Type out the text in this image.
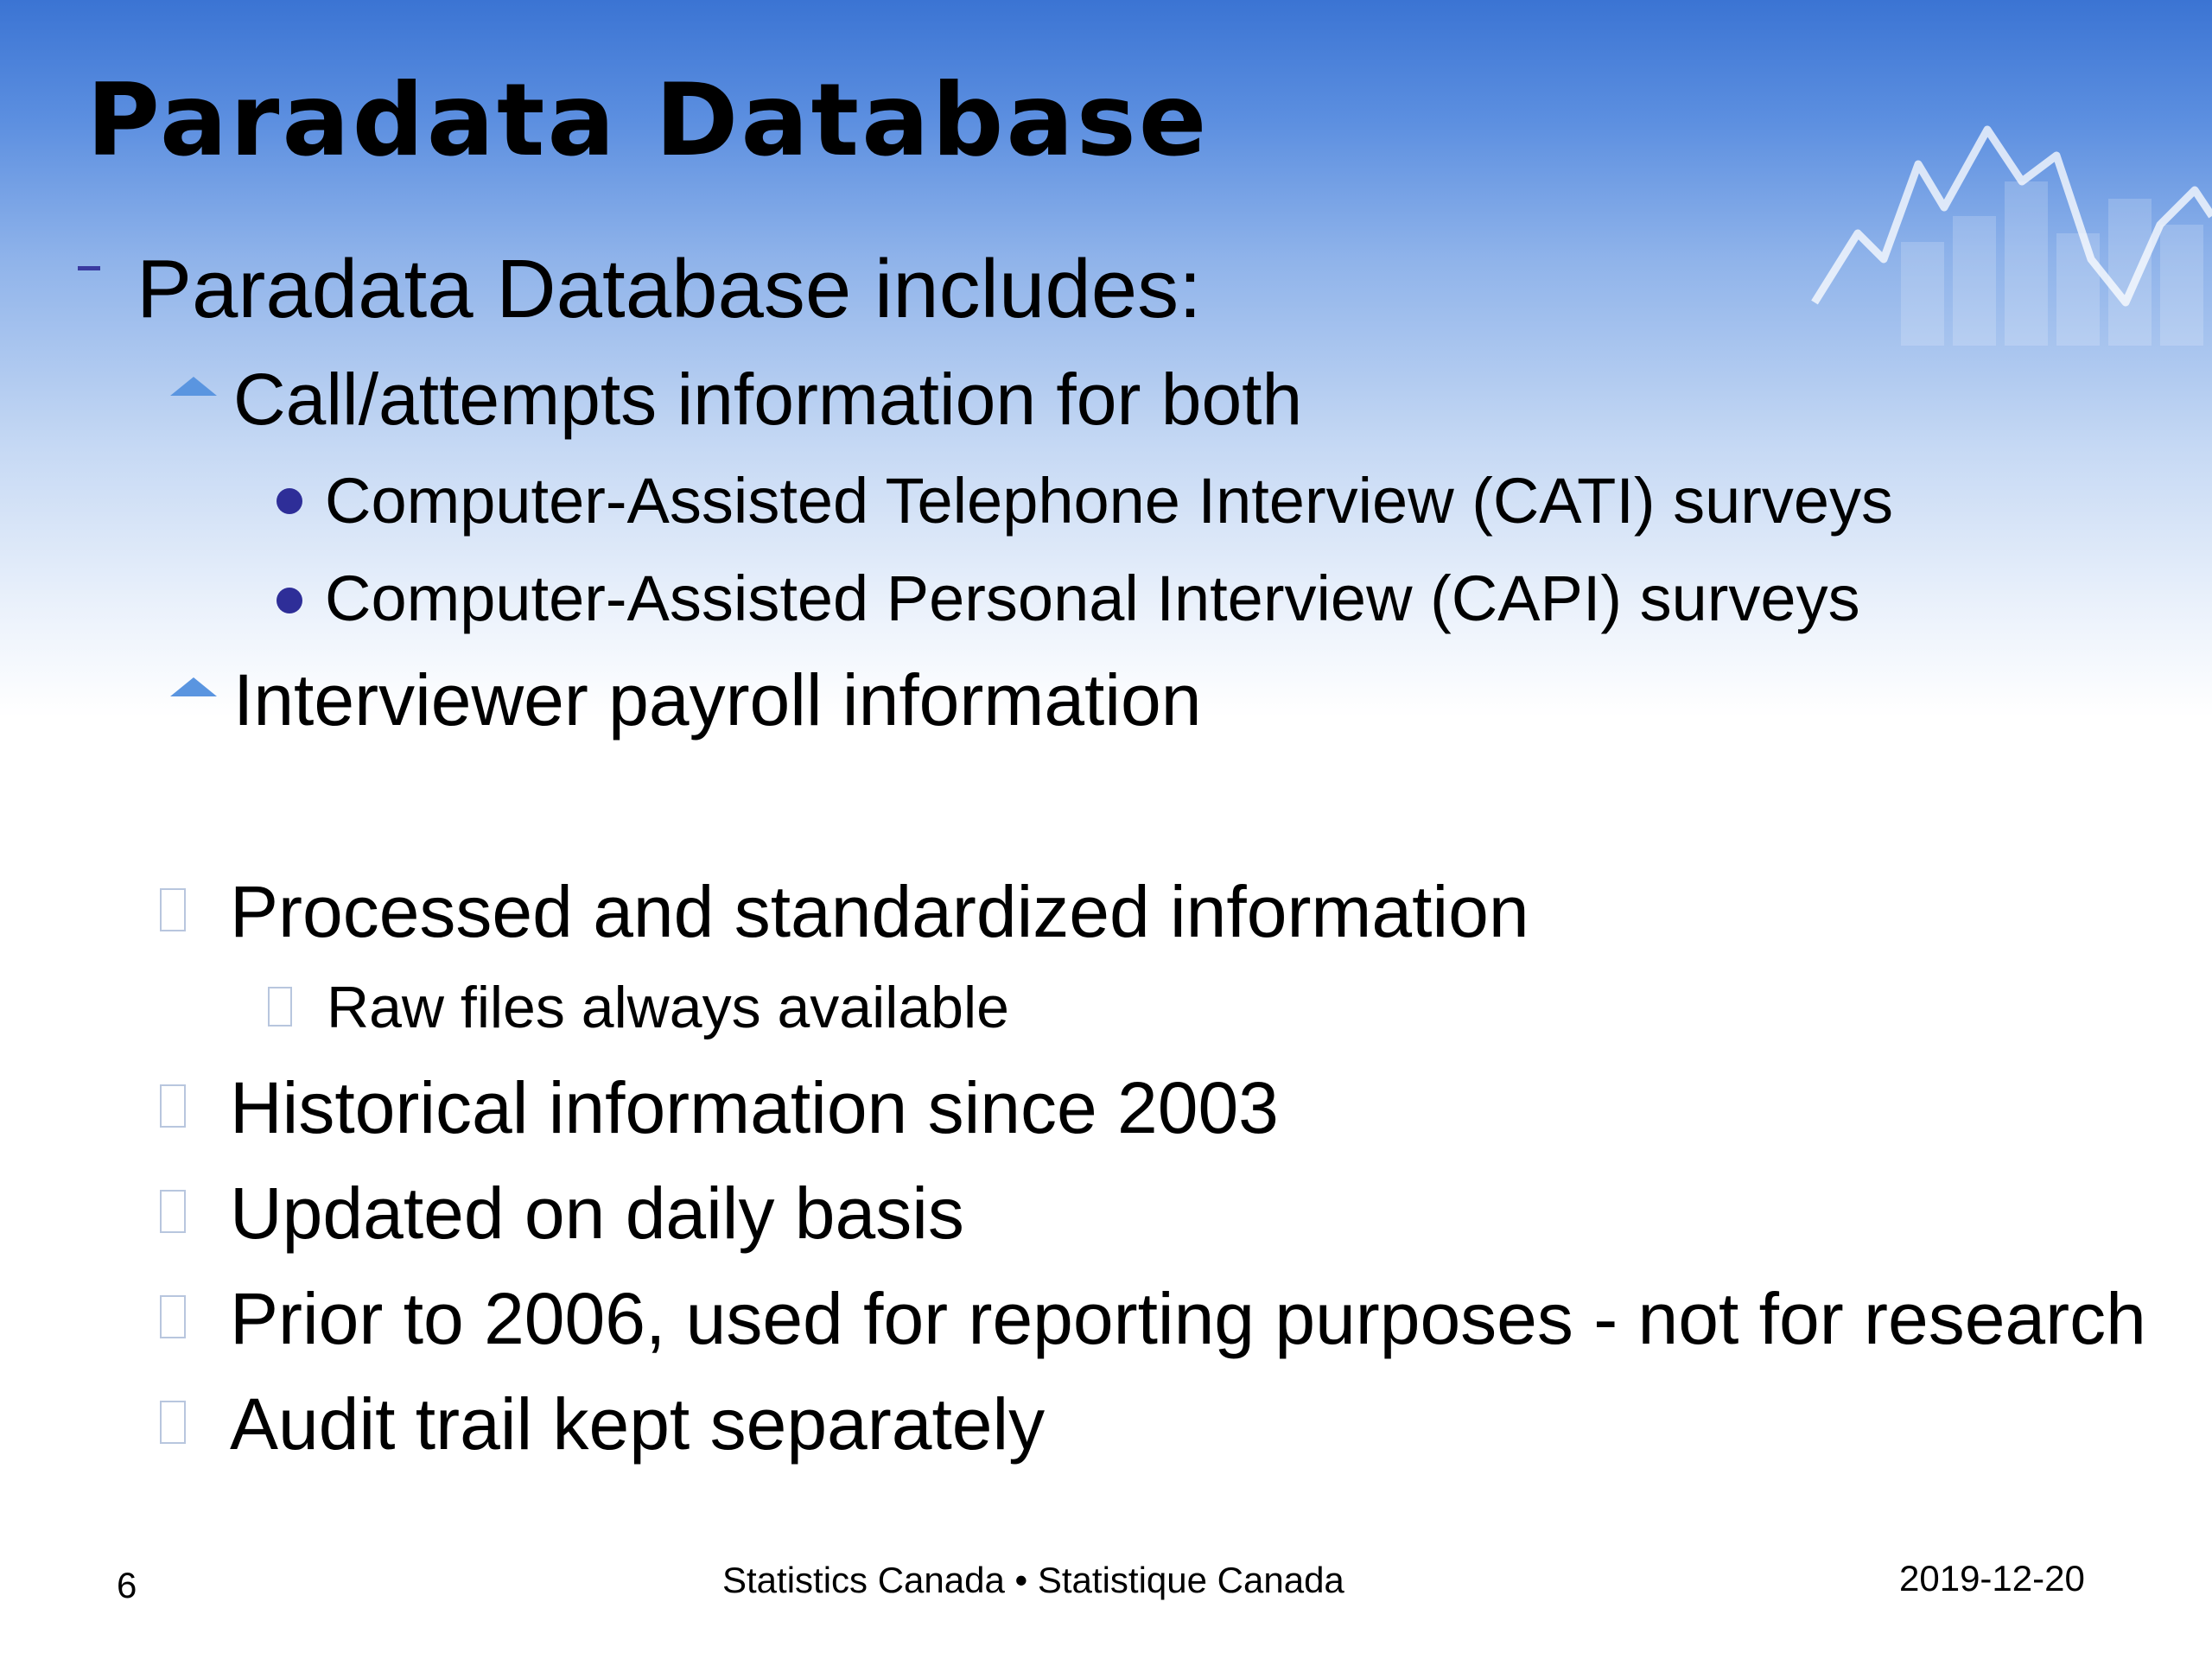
Paradata Database
Paradata Database includes:
Call/attempts information for both
Computer-Assisted Telephone Interview (CATI) surveys
Computer-Assisted Personal Interview (CAPI) surveys
Interviewer payroll information
Processed and standardized information
Raw files always available
Historical information since 2003
Updated on daily basis
Prior to 2006, used for reporting purposes - not for research
Audit trail kept separately
6	Statistics Canada • Statistique Canada	2019-12-20
